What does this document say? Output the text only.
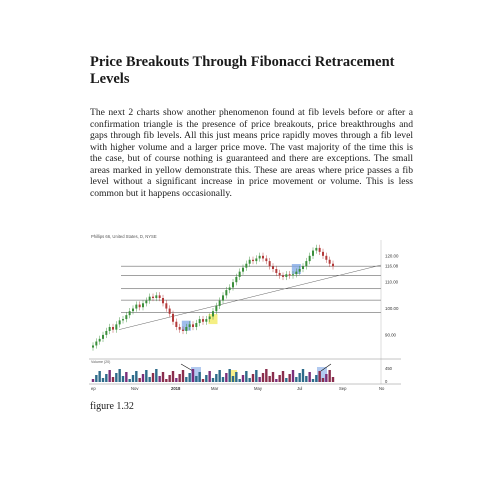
Price Breakouts Through Fibonacci Retracement Levels
The next 2 charts show another phenomenon found at fib levels before or after a confirmation triangle is the presence of price breakouts, price breakthroughs and gaps through fib levels. All this just means price rapidly moves through a fib level with higher volume and a larger price move. The vast majority of the time this is the case, but of course nothing is guaranteed and there are exceptions. The small areas marked in yellow demonstrate this. These are areas where price passes a fib level without a significant increase in price movement or volume. This is less common but it happens occasionally.
Phillips 66, United States, D, NYSE
120.00
116.08
110.00
100.00
90.00
450
0
ep	Nov	2018	Mar	May	Jul	Sep	No
Volume (20)
figure 1.32
